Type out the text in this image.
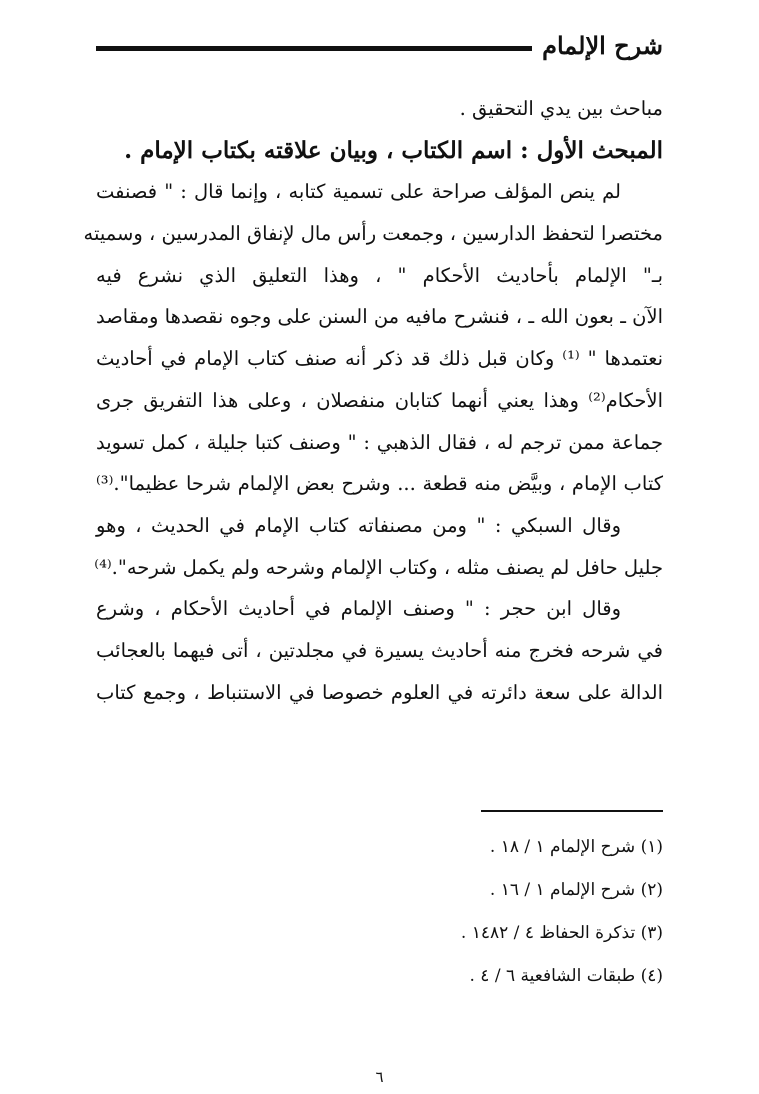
شرح الإلمام
مباحث بين يدي التحقيق .
المبحث الأول : اسم الكتاب ، وبيان علاقته بكتاب الإمام .
لم ينص المؤلف صراحة على تسمية كتابه ، وإنما قال : " فصنفت
مختصرا لتحفظ الدارسين ، وجمعت رأس مال لإنفاق المدرسين ، وسميته
بـ" الإلمام بأحاديث الأحكام " ، وهذا التعليق الذي نشرع فيه
الآن ـ بعون الله ـ ، فنشرح مافيه من السنن على وجوه نقصدها ومقاصد
نعتمدها " ⁽¹⁾ وكان قبل ذلك قد ذكر أنه صنف كتاب الإمام في أحاديث
الأحكام⁽²⁾ وهذا يعني أنهما كتابان منفصلان ، وعلى هذا التفريق جرى
جماعة ممن ترجم له ، فقال الذهبي : " وصنف كتبا جليلة ، كمل تسويد
كتاب الإمام ، وبيَّض منه قطعة ... وشرح بعض الإلمام شرحا عظيما".⁽³⁾
وقال السبكي : " ومن مصنفاته كتاب الإمام في الحديث ، وهو
جليل حافل لم يصنف مثله ، وكتاب الإلمام وشرحه ولم يكمل شرحه".⁽⁴⁾
وقال ابن حجر : " وصنف الإلمام في أحاديث الأحكام ، وشرع
في شرحه فخرج منه أحاديث يسيرة في مجلدتين ، أتى فيهما بالعجائب
الدالة على سعة دائرته في العلوم خصوصا في الاستنباط ، وجمع كتاب
(١) شرح الإلمام ١ / ١٨ .
(٢) شرح الإلمام ١ / ١٦ .
(٣) تذكرة الحفاظ ٤ / ١٤٨٢ .
(٤) طبقات الشافعية ٦ / ٤ .
٦
